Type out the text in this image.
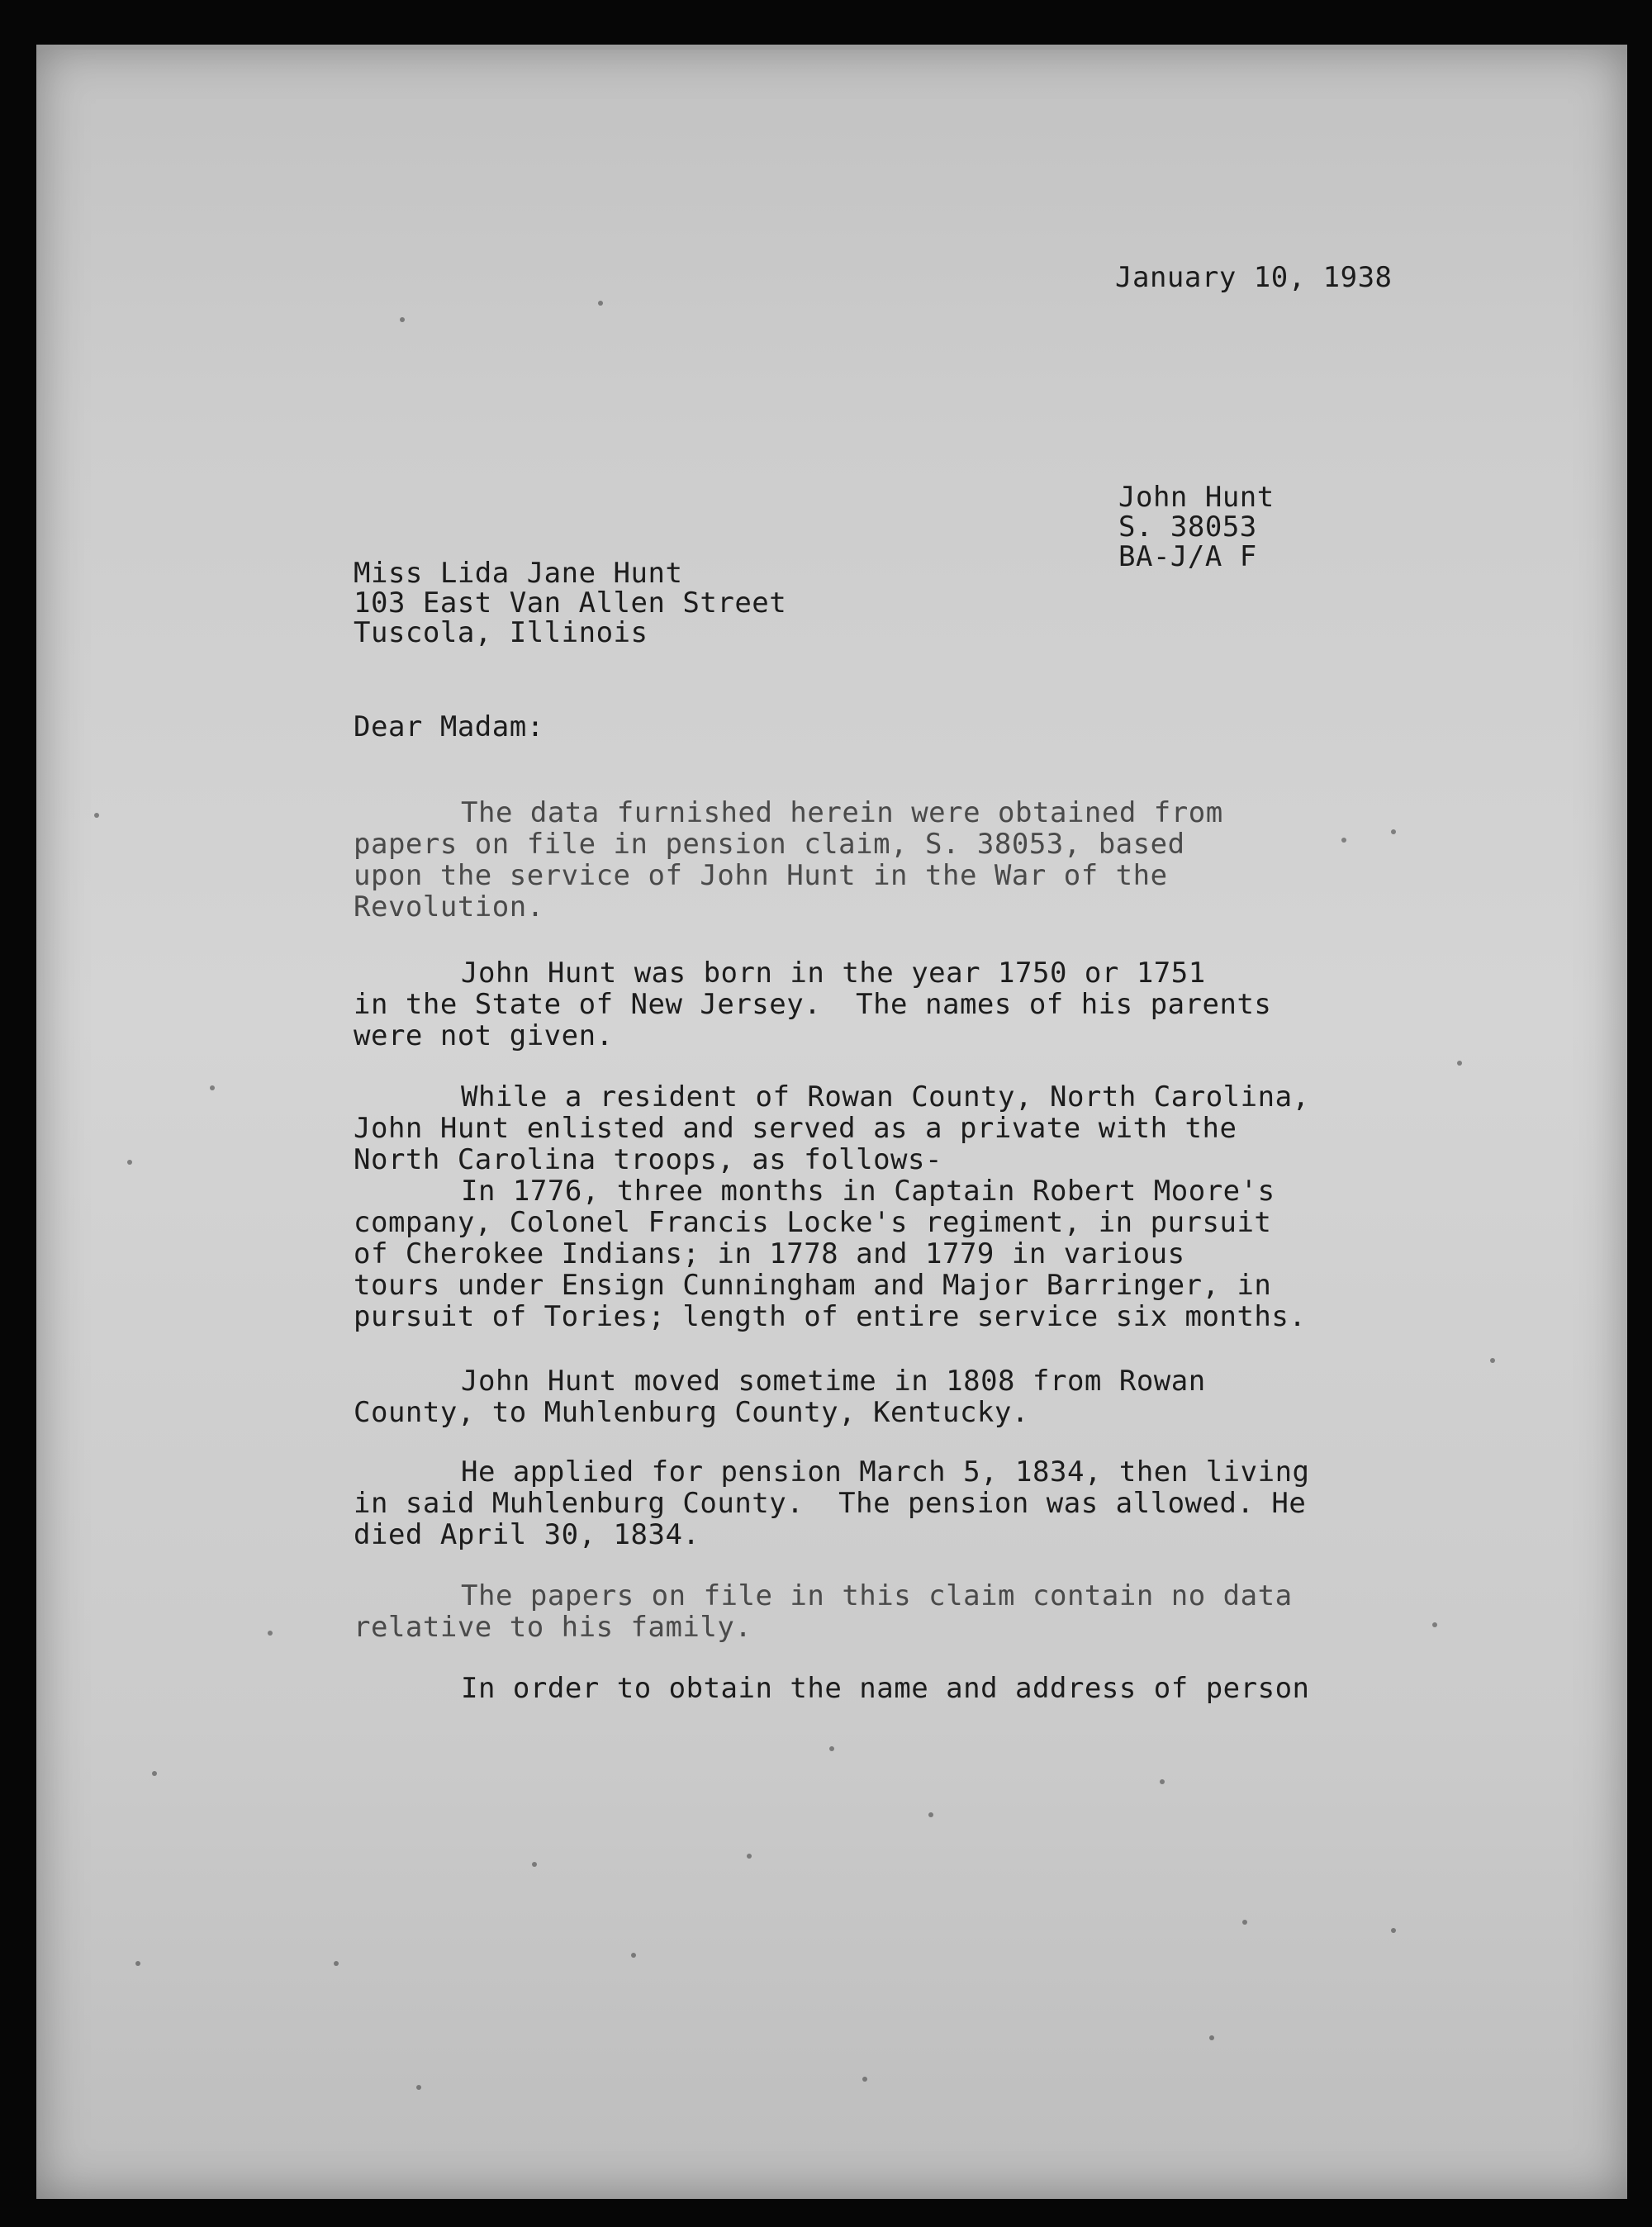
January 10, 1938
John Hunt
S. 38053
BA-J/A F
Miss Lida Jane Hunt
103 East Van Allen Street
Tuscola, Illinois
Dear Madam:

The data furnished herein were obtained from

papers on file in pension claim, S. 38053, based

upon the service of John Hunt in the War of the

Revolution.

John Hunt was born in the year 1750 or 1751

in the State of New Jersey.  The names of his parents

were not given.

While a resident of Rowan County, North Carolina,

John Hunt enlisted and served as a private with the

North Carolina troops, as follows-

In 1776, three months in Captain Robert Moore's

company, Colonel Francis Locke's regiment, in pursuit

of Cherokee Indians; in 1778 and 1779 in various

tours under Ensign Cunningham and Major Barringer, in

pursuit of Tories; length of entire service six months.

John Hunt moved sometime in 1808 from Rowan

County, to Muhlenburg County, Kentucky.

He applied for pension March 5, 1834, then living

in said Muhlenburg County.  The pension was allowed. He

died April 30, 1834.

The papers on file in this claim contain no data

relative to his family.

In order to obtain the name and address of person
